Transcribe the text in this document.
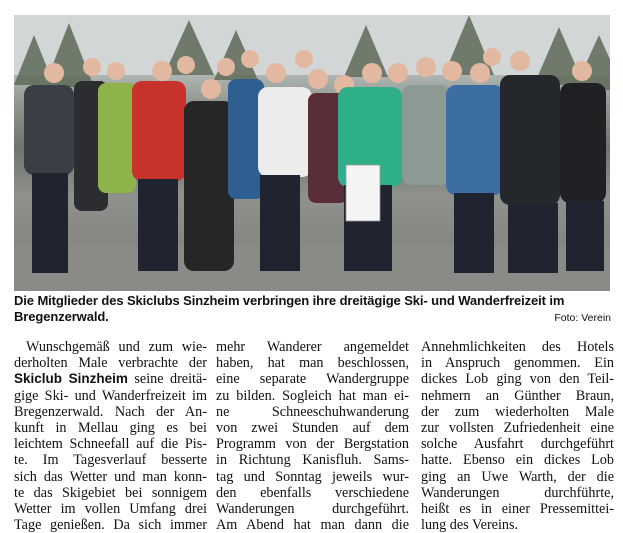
Die Mitglieder des Skiclubs Sinzheim verbringen ihre dreitägige Ski- und Wanderfreizeit im Bregenzerwald.	Foto: Verein
Wunschgemäß und zum wie-
derholten Male verbrachte der
Skiclub Sinzheim seine dreitä-
gige Ski- und Wanderfreizeit im
Bregenzerwald. Nach der An-
kunft in Mellau ging es bei
leichtem Schneefall auf die Pis-
te. Im Tagesverlauf besserte
sich das Wetter und man konn-
te das Skigebiet bei sonnigem
Wetter im vollen Umfang drei
Tage genießen. Da sich immer
mehr Wanderer angemeldet
haben, hat man beschlossen,
eine separate Wandergruppe
zu bilden. Sogleich hat man ei-
ne Schneeschuhwanderung
von zwei Stunden auf dem
Programm von der Bergstation
in Richtung Kanisfluh. Sams-
tag und Sonntag jeweils wur-
den ebenfalls verschiedene
Wanderungen durchgeführt.
Am Abend hat man dann die
Annehmlichkeiten des Hotels
in Anspruch genommen. Ein
dickes Lob ging von den Teil-
nehmern an Günther Braun,
der zum wiederholten Male
zur vollsten Zufriedenheit eine
solche Ausfahrt durchgeführt
hatte. Ebenso ein dickes Lob
ging an Uwe Warth, der die
Wanderungen durchführte,
heißt es in einer Pressemittei-
lung des Vereins.
